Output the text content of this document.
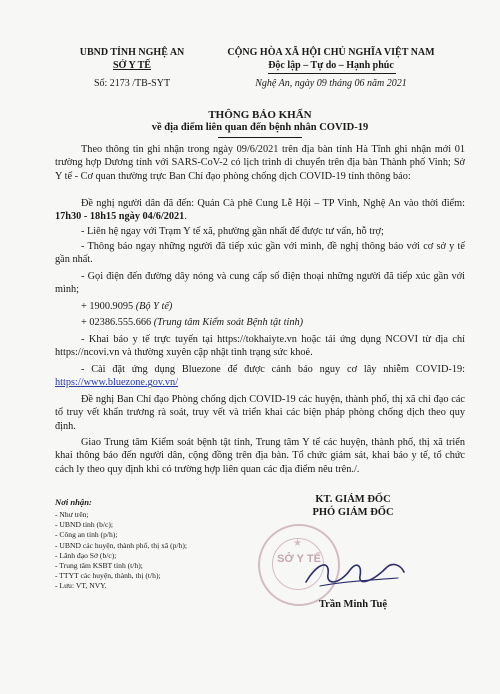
UBND TỈNH NGHỆ AN
SỞ Y TẾ
Số: 2173 /TB-SYT
CỘNG HÒA XÃ HỘI CHỦ NGHĨA VIỆT NAM
Độc lập – Tự do – Hạnh phúc
Nghệ An, ngày 09 tháng 06 năm 2021
THÔNG BÁO KHẨN
về địa điểm liên quan đến bệnh nhân COVID-19
Theo thông tin ghi nhận trong ngày 09/6/2021 trên địa bàn tỉnh Hà Tĩnh ghi nhận mới 01 trường hợp Dương tính với SARS-CoV-2 có lịch trình di chuyển trên địa bàn Thành phố Vinh; Sở Y tế - Cơ quan thường trực Ban Chỉ đạo phòng chống dịch COVID-19 tỉnh thông báo:
Đề nghị người dân đã đến: Quán Cà phê Cung Lễ Hội – TP Vinh, Nghệ An vào thời điểm: 17h30 - 18h15 ngày 04/6/2021.
- Liên hệ ngay với Trạm Y tế xã, phường gần nhất để được tư vấn, hỗ trợ;
- Thông báo ngay những người đã tiếp xúc gần với mình, đề nghị thông báo với cơ sở y tế gần nhất.
- Gọi điện đến đường dây nóng và cung cấp số điện thoại những người đã tiếp xúc gần với mình;
+ 1900.9095 (Bộ Y tế)
+ 02386.555.666 (Trung tâm Kiểm soát Bệnh tật tỉnh)
- Khai báo y tế trực tuyến tại https://tokhaiyte.vn hoặc tải ứng dụng NCOVI từ địa chỉ https://ncovi.vn và thường xuyên cập nhật tình trạng sức khoẻ.
- Cài đặt ứng dụng Bluezone để được cảnh báo nguy cơ lây nhiễm COVID-19: https://www.bluezone.gov.vn/
Đề nghị Ban Chỉ đạo Phòng chống dịch COVID-19 các huyện, thành phố, thị xã chỉ đạo các tổ truy vết khẩn trương rà soát, truy vết và triển khai các biện pháp phòng chống dịch theo quy định.
Giao Trung tâm Kiểm soát bệnh tật tỉnh, Trung tâm Y tế các huyện, thành phố, thị xã triển khai thông báo đến người dân, cộng đồng trên địa bàn. Tổ chức giám sát, khai báo y tế, tổ chức cách ly theo quy định khi có trường hợp liên quan các địa điểm nêu trên./.
Nơi nhận:
- Như trên;
- UBND tỉnh (b/c);
- Công an tỉnh (p/h);
- UBND các huyện, thành phố, thị xã (p/h);
- Lãnh đạo Sở (b/c);
- Trung tâm KSBT tỉnh (t/h);
- TTYT các huyện, thành, thị (t/h);
- Lưu: VT, NVY.
KT. GIÁM ĐỐC
PHÓ GIÁM ĐỐC
★
SỞ Y TẾ
Trần Minh Tuệ
